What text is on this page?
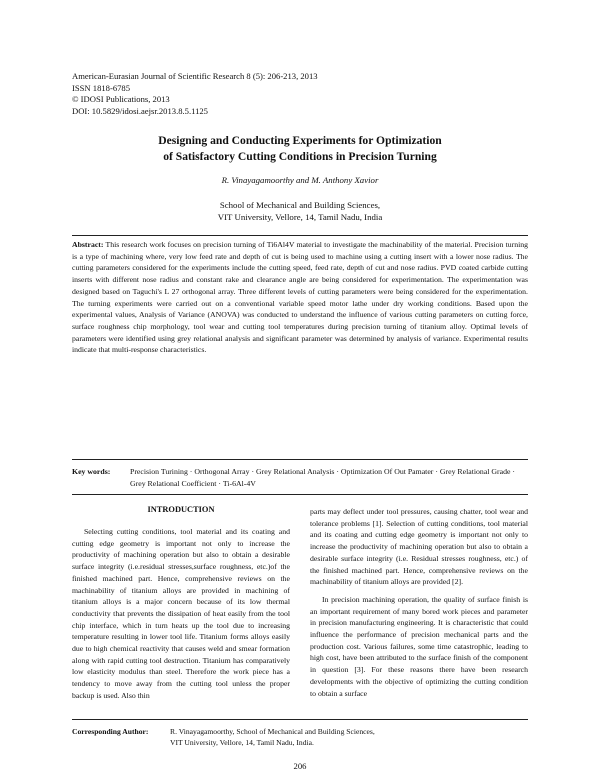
American-Eurasian Journal of Scientific Research 8 (5): 206-213, 2013
ISSN 1818-6785
© IDOSI Publications, 2013
DOI: 10.5829/idosi.aejsr.2013.8.5.1125
Designing and Conducting Experiments for Optimization
of Satisfactory Cutting Conditions in Precision Turning
R. Vinayagamoorthy and M. Anthony Xavior
School of Mechanical and Building Sciences,
VIT University, Vellore, 14, Tamil Nadu, India
Abstract: This research work focuses on precision turning of Ti6Al4V material to investigate the machinability of the material. Precision turning is a type of machining where, very low feed rate and depth of cut is being used to machine using a cutting insert with a lower nose radius. The cutting parameters considered for the experiments include the cutting speed, feed rate, depth of cut and nose radius. PVD coated carbide cutting inserts with different nose radius and constant rake and clearance angle are being considered for experimentation. The experimentation was designed based on Taguchi's L 27 orthogonal array. Three different levels of cutting parameters were being considered for the experimentation. The turning experiments were carried out on a conventional variable speed motor lathe under dry working conditions. Based upon the experimental values, Analysis of Variance (ANOVA) was conducted to understand the influence of various cutting parameters on cutting force, surface roughness chip morphology, tool wear and cutting tool temperatures during precision turning of titanium alloy. Optimal levels of parameters were identified using grey relational analysis and significant parameter was determined by analysis of variance. Experimental results indicate that multi-response characteristics.
Key words:	Precision Turining · Orthogonal Array · Grey Relational Analysis · Optimization Of Out Pamater · Grey Relational Grade · Grey Relational Coefficient · Ti-6Al-4V
INTRODUCTION

Selecting cutting conditions, tool material and its coating and cutting edge geometry is important not only to increase the productivity of machining operation but also to obtain a desirable surface integrity (i.e.residual stresses,surface roughness, etc.)of the finished machined part. Hence, comprehensive reviews on the machinability of titanium alloys are provided in machining of titanium alloys is a major concern because of its low thermal conductivity that prevents the dissipation of heat easily from the tool chip interface, which in turn heats up the tool due to increasing temperature resulting in lower tool life. Titanium forms alloys easily due to high chemical reactivity that causes weld and smear formation along with rapid cutting tool destruction. Titanium has comparatively low elasticity modulus than steel. Therefore the work piece has a tendency to move away from the cutting tool unless the proper backup is used. Also thin

parts may deflect under tool pressures, causing chatter, tool wear and tolerance problems [1]. Selection of cutting conditions, tool material and its coating and cutting edge geometry is important not only to increase the productivity of machining operation but also to obtain a desirable surface integrity (i.e. Residual stresses roughness, etc.) of the finished machined part. Hence, comprehensive reviews on the machinability of titanium alloys are provided [2].

In precision machining operation, the quality of surface finish is an important requirement of many bored work pieces and parameter in precision manufacturing engineering. It is characteristic that could influence the performance of precision mechanical parts and the production cost. Various failures, some time catastrophic, leading to high cost, have been attributed to the surface finish of the component in question [3]. For these reasons there have been research developments with the objective of optimizing the cutting condition to obtain a surface

Corresponding Author:	R. Vinayagamoorthy, School of Mechanical and Building Sciences,
VIT University, Vellore, 14, Tamil Nadu, India.
206
